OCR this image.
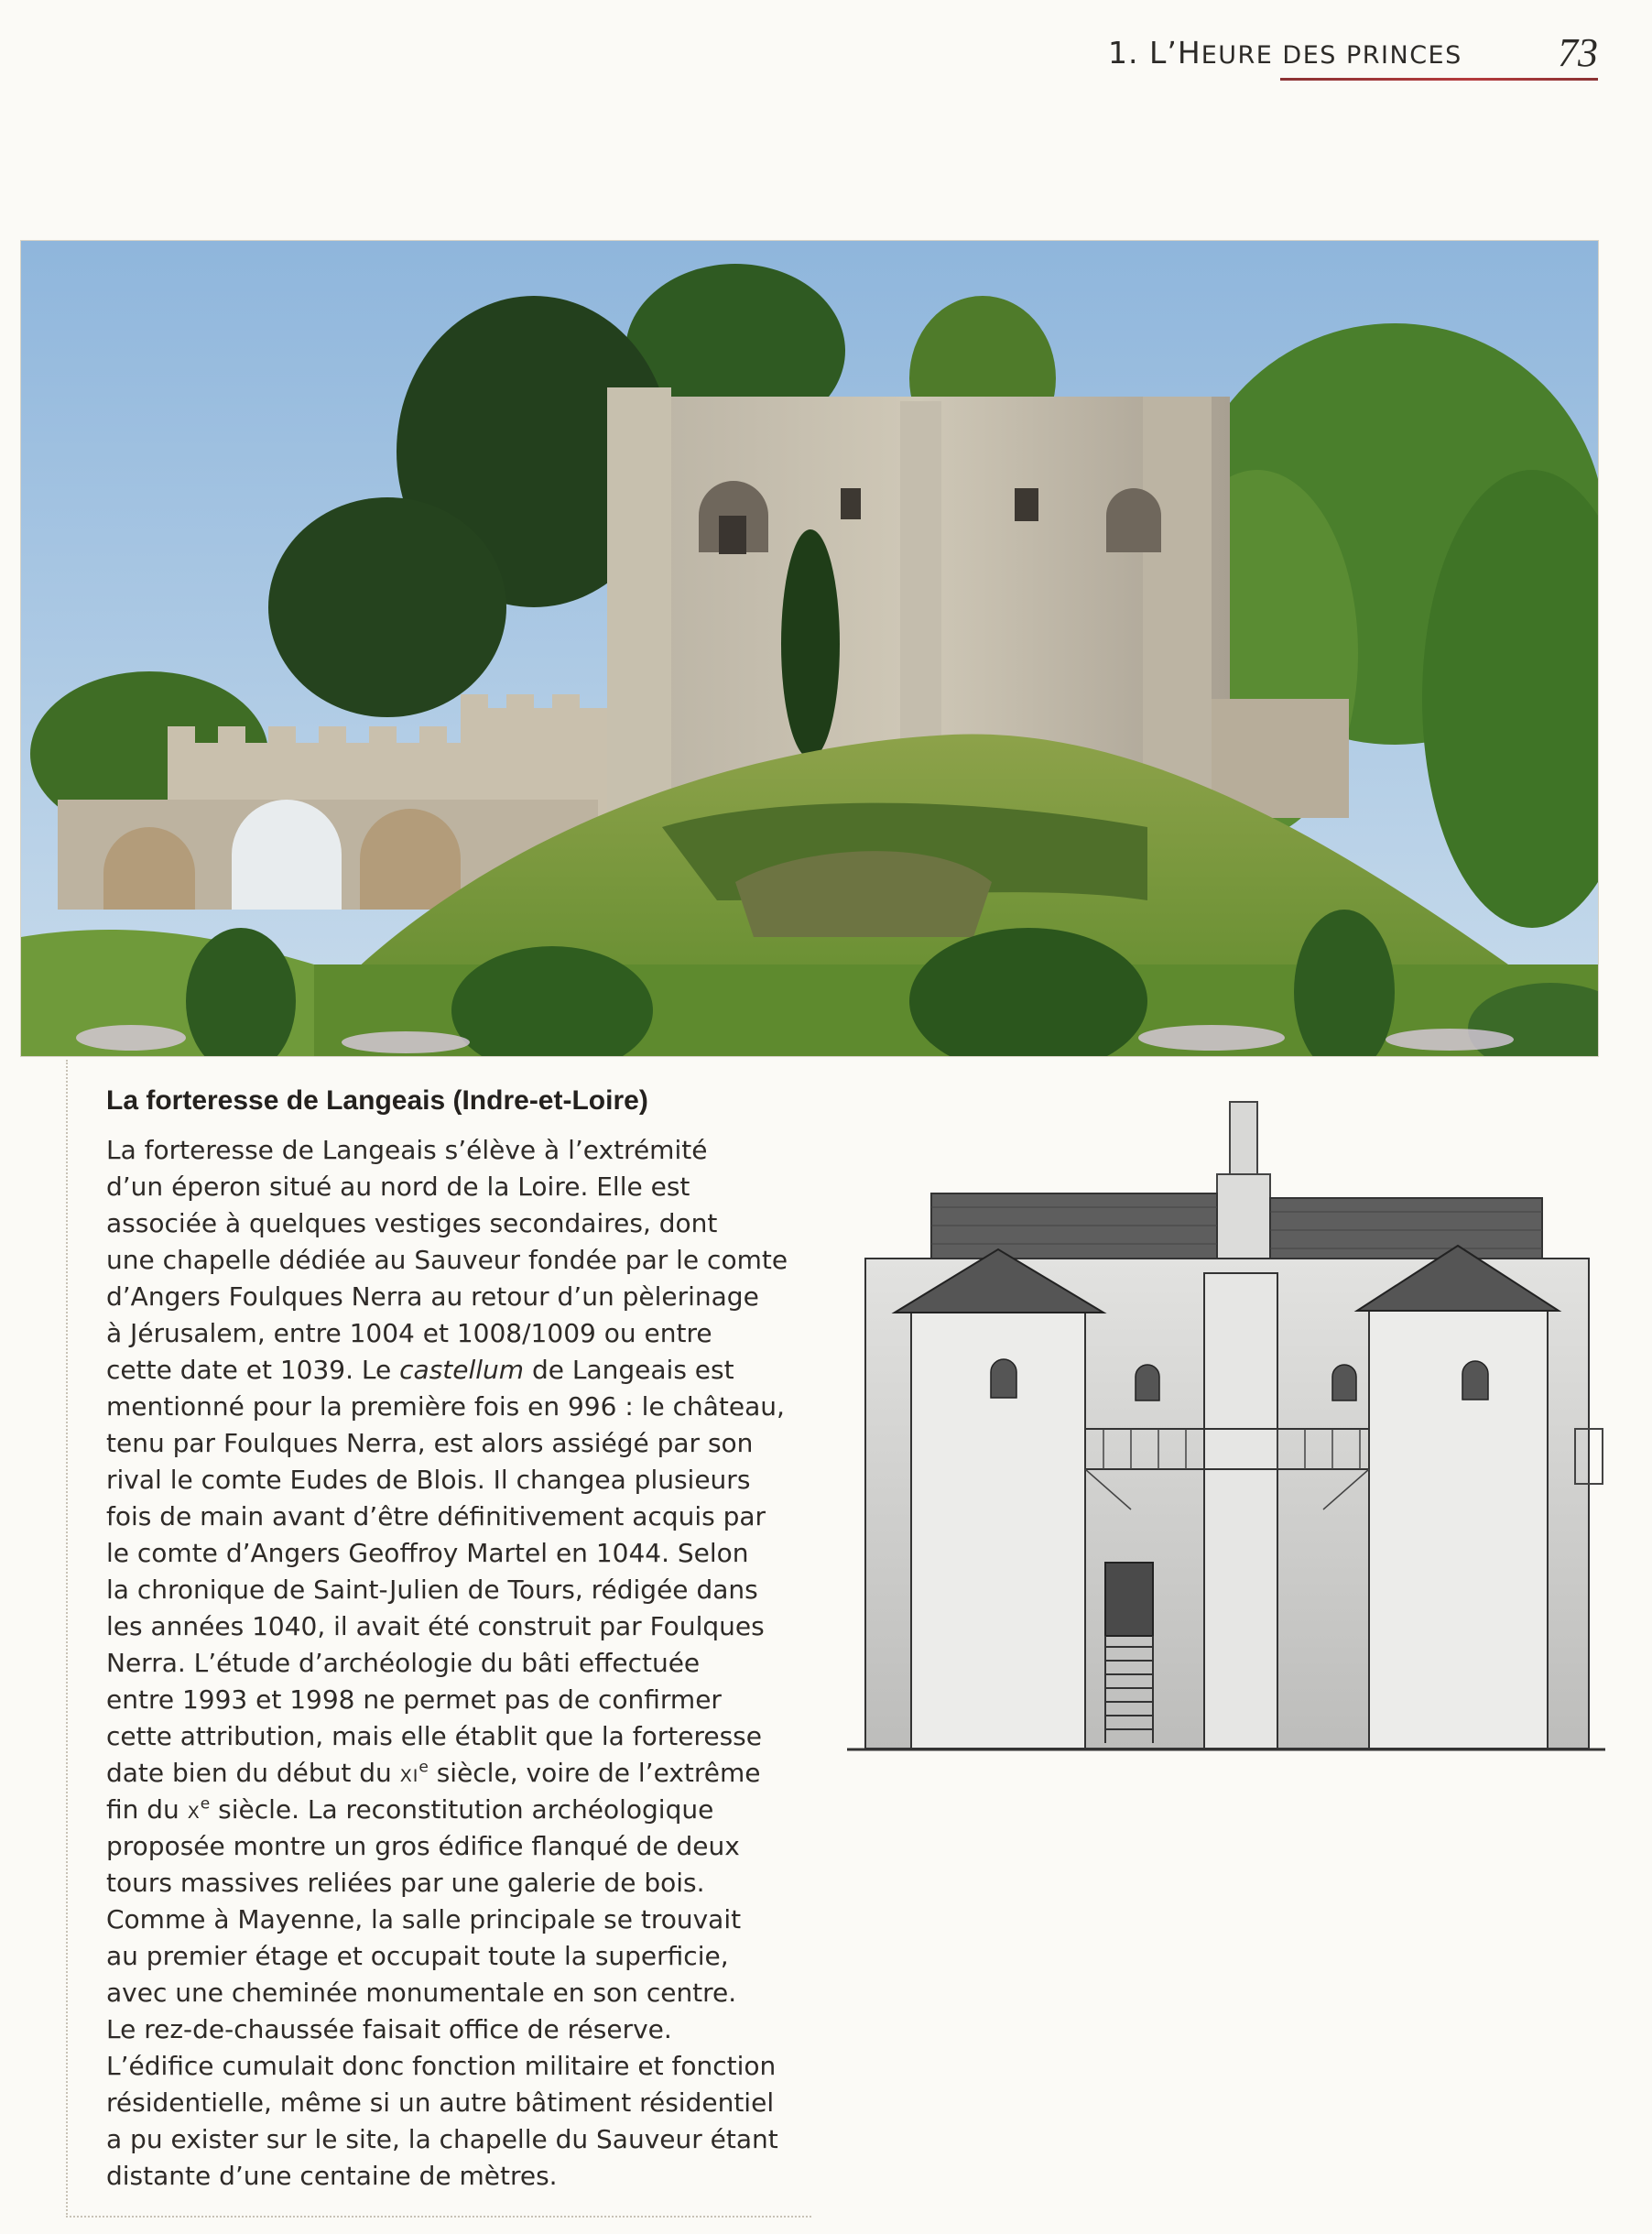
1. L’HEURE DES PRINCES 73
La forteresse de Langeais (Indre-et-Loire)
La forteresse de Langeais s’élève à l’extrémité
d’un éperon situé au nord de la Loire. Elle est
associée à quelques vestiges secondaires, dont
une chapelle dédiée au Sauveur fondée par le comte
d’Angers Foulques Nerra au retour d’un pèlerinage
à Jérusalem, entre 1004 et 1008/1009 ou entre
cette date et 1039. Le castellum de Langeais est
mentionné pour la première fois en 996 : le château,
tenu par Foulques Nerra, est alors assiégé par son
rival le comte Eudes de Blois. Il changea plusieurs
fois de main avant d’être définitivement acquis par
le comte d’Angers Geoffroy Martel en 1044. Selon
la chronique de Saint-Julien de Tours, rédigée dans
les années 1040, il avait été construit par Foulques
Nerra. L’étude d’archéologie du bâti effectuée
entre 1993 et 1998 ne permet pas de confirmer
cette attribution, mais elle établit que la forteresse
date bien du début du XIe siècle, voire de l’extrême
fin du Xe siècle. La reconstitution archéologique
proposée montre un gros édifice flanqué de deux
tours massives reliées par une galerie de bois.
Comme à Mayenne, la salle principale se trouvait
au premier étage et occupait toute la superficie,
avec une cheminée monumentale en son centre.
Le rez-de-chaussée faisait office de réserve.
L’édifice cumulait donc fonction militaire et fonction
résidentielle, même si un autre bâtiment résidentiel
a pu exister sur le site, la chapelle du Sauveur étant
distante d’une centaine de mètres.
